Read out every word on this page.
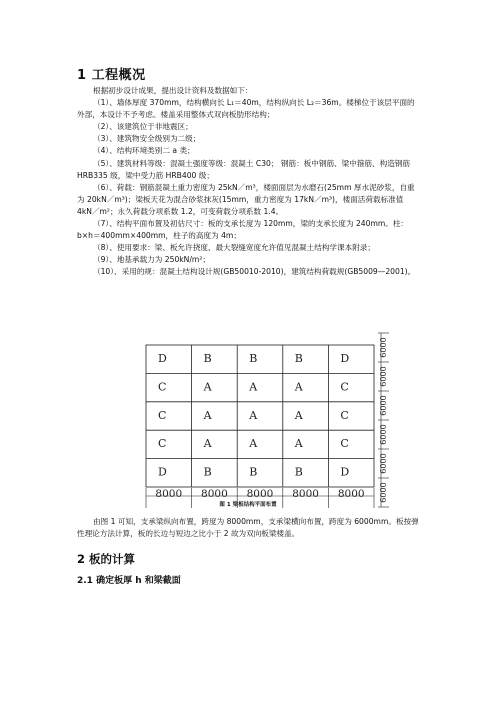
1 工程概况

根据初步设计成果，提出设计资料及数据如下：

（1）、墙体厚度 370mm，结构横向长 L₁＝40m，结构纵向长 L₂＝36m。楼梯位于该层平面的外部，本设计不予考虑。楼盖采用整体式双向板肋形结构；

（2）、该建筑位于非地震区；

（3）、建筑物安全级别为二级；

（4）、结构环境类别二 a 类；

（5）、建筑材料等级：混凝土强度等级：混凝土 C30； 钢筋：板中钢筋、梁中箍筋、构造钢筋 HRB335 级，梁中受力筋 HRB400 级；

（6）、荷载：钢筋混凝土重力密度为 25kN／m³，楼面面层为水磨石(25mm 厚水泥砂浆，自重为 20kN／m³)；梁板天花为混合砂浆抹灰(15mm，重力密度为 17kN／m³)，楼面活荷载标准值 4kN／m²；永久荷载分项系数 1.2，可变荷载分项系数 1.4。

（7）、结构平面布置及初估尺寸：板的支承长度为 120mm，梁的支承长度为 240mm。柱：b×h＝400mm×400mm，柱子的高度为 4m；

（8）、使用要求：梁、板允许挠度、最大裂缝宽度允许值见混凝土结构学课本附录；

（9）、地基承载力为 250kN/m²；

（10）、采用的规：混凝土结构设计规(GB50010-2010)，建筑结构荷载规(GB5009—2001)。

D	B	B	B	D
C	A	A	A	C
C	A	A	A	C
C	A	A	A	C
D	B	B	B	D
8000 8000 8000 8000 8000
6000
6000
6000
6000
6000
6000
图 1 梁板结构平面布置

由图 1 可知，支承梁纵向布置，跨度为 8000mm，支承梁横向布置，跨度为 6000mm。板按弹性理论方法计算，板的长边与短边之比小于 2 故为双向板梁楼盖。

2 板的计算
2.1 确定板厚 h 和梁截面
